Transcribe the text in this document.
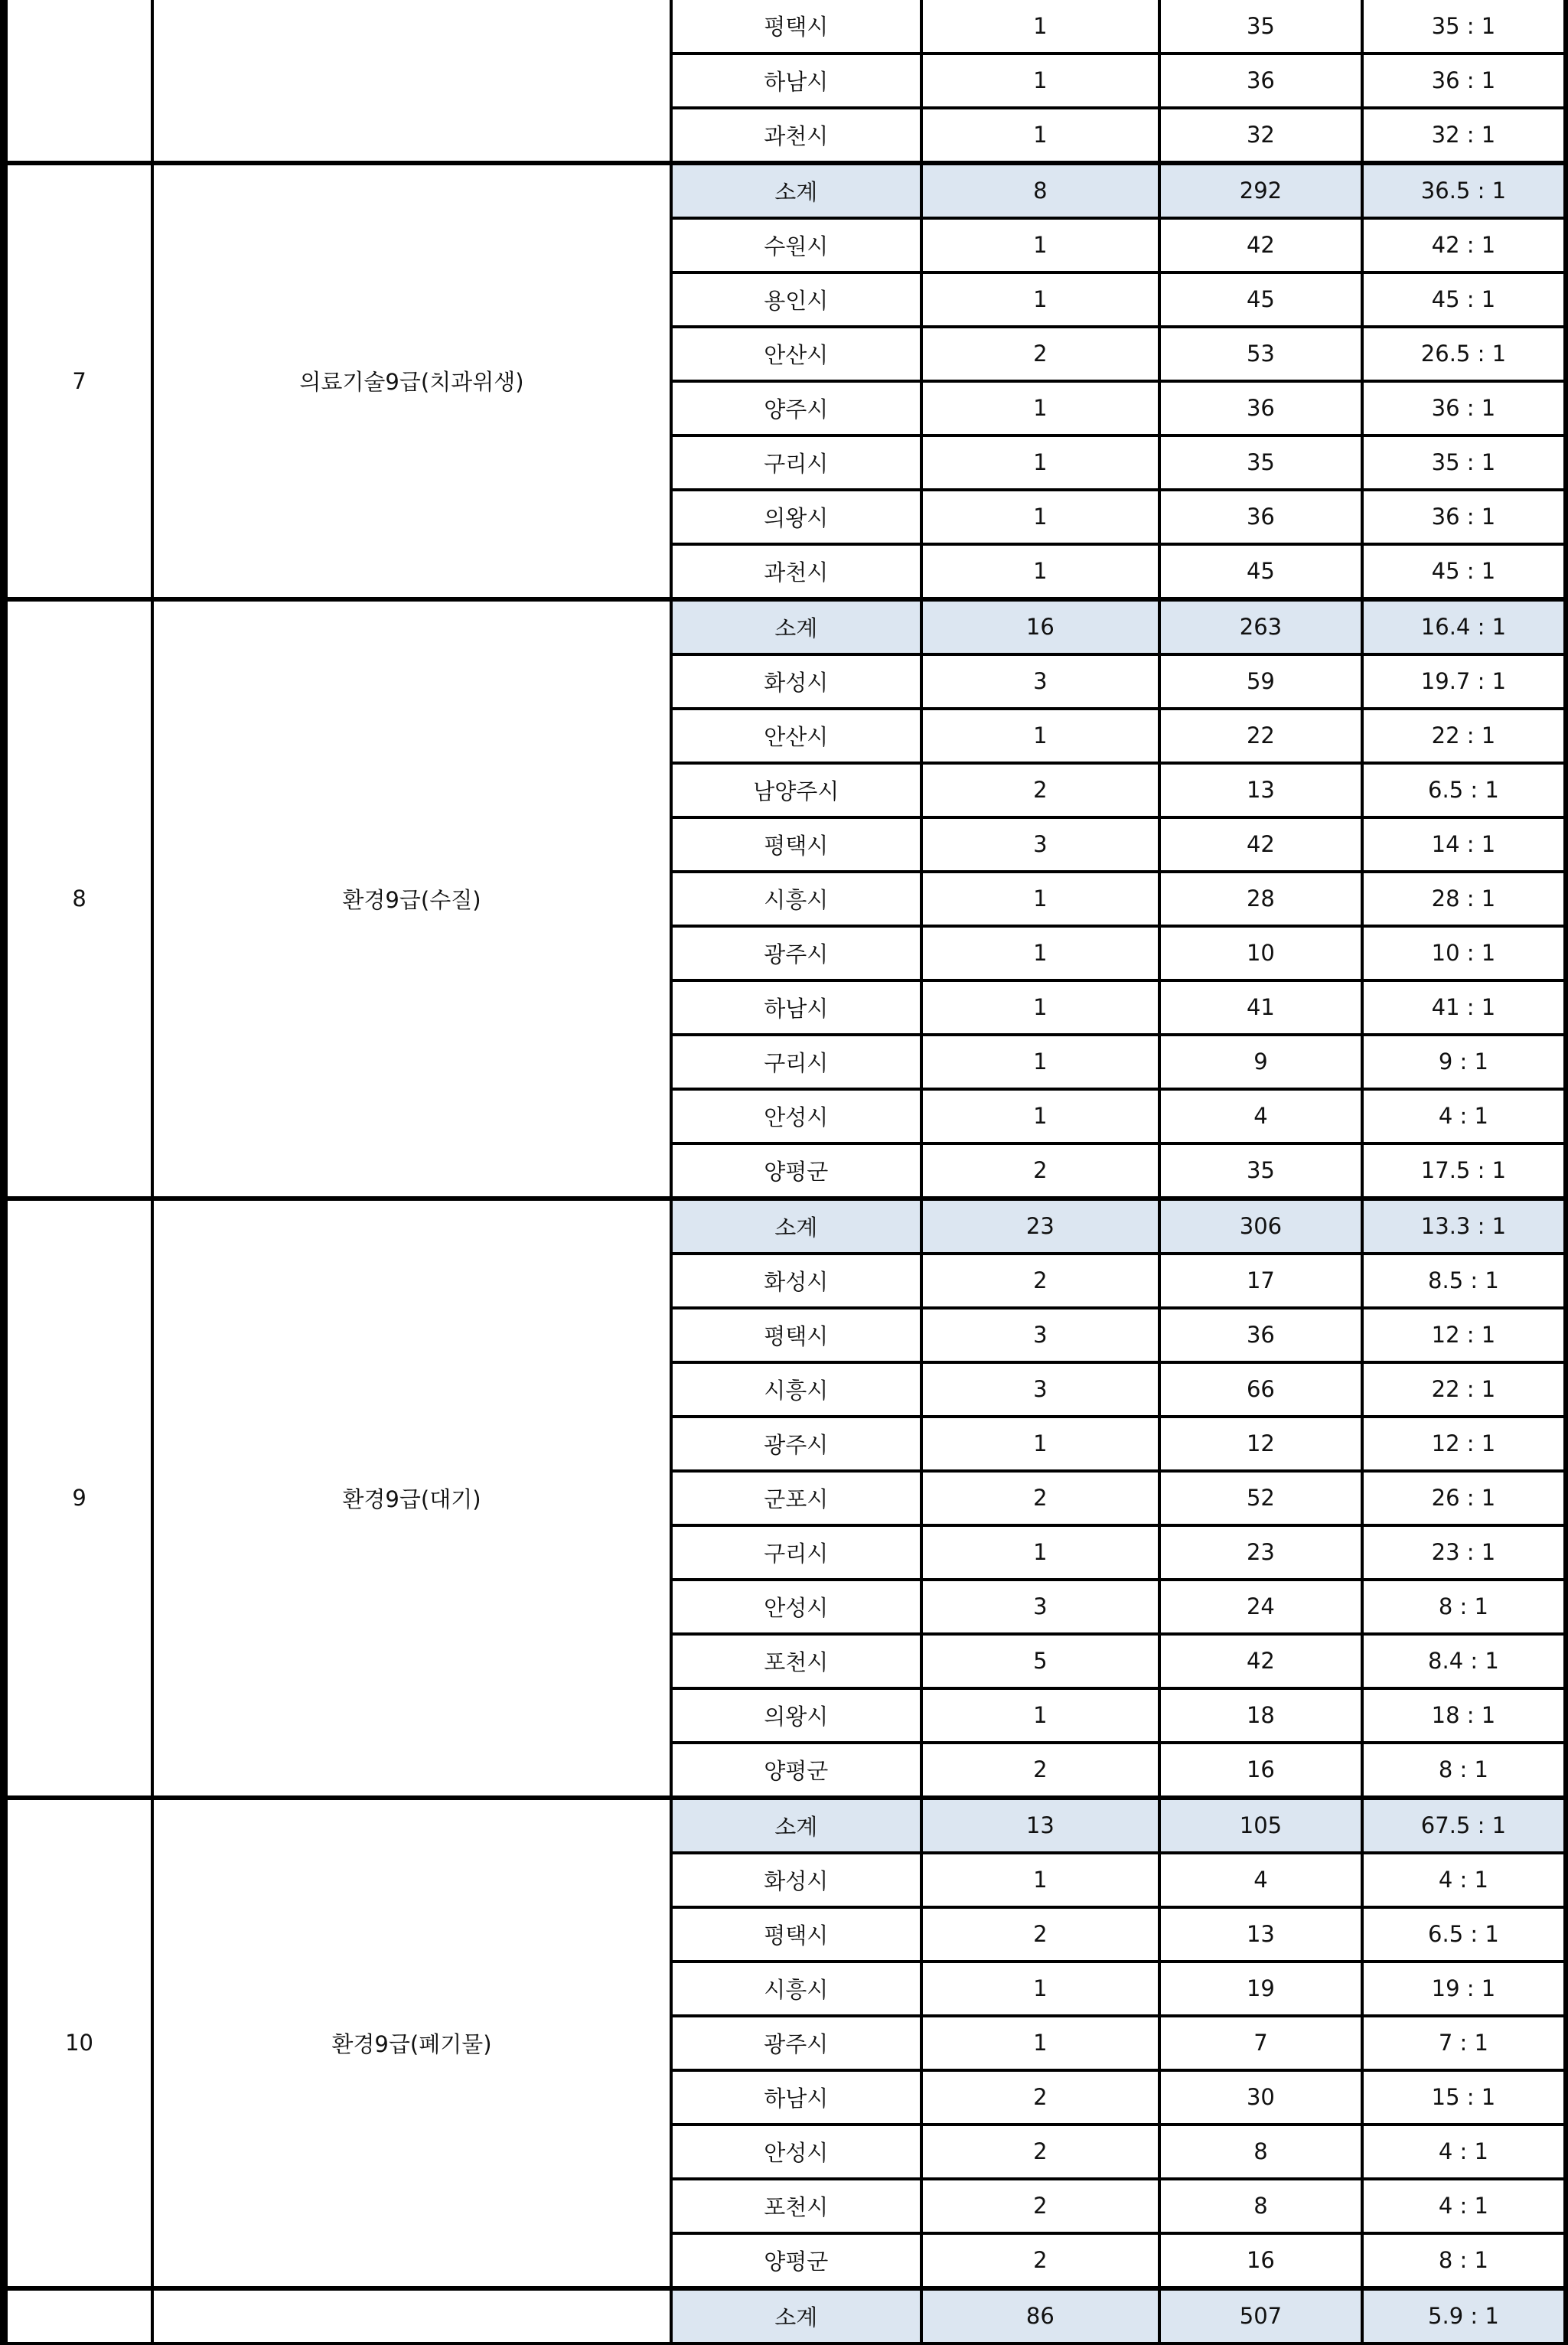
		평택시	1	35	35 : 1
		하남시	1	36	36 : 1
		과천시	1	32	32 : 1
7	의료기술9급(치과위생)	소계	8	292	36.5 : 1
		수원시	1	42	42 : 1
		용인시	1	45	45 : 1
		안산시	2	53	26.5 : 1
		양주시	1	36	36 : 1
		구리시	1	35	35 : 1
		의왕시	1	36	36 : 1
		과천시	1	45	45 : 1
8	환경9급(수질)	소계	16	263	16.4 : 1
		화성시	3	59	19.7 : 1
		안산시	1	22	22 : 1
		남양주시	2	13	6.5 : 1
		평택시	3	42	14 : 1
		시흥시	1	28	28 : 1
		광주시	1	10	10 : 1
		하남시	1	41	41 : 1
		구리시	1	9	9 : 1
		안성시	1	4	4 : 1
		양평군	2	35	17.5 : 1
9	환경9급(대기)	소계	23	306	13.3 : 1
		화성시	2	17	8.5 : 1
		평택시	3	36	12 : 1
		시흥시	3	66	22 : 1
		광주시	1	12	12 : 1
		군포시	2	52	26 : 1
		구리시	1	23	23 : 1
		안성시	3	24	8 : 1
		포천시	5	42	8.4 : 1
		의왕시	1	18	18 : 1
		양평군	2	16	8 : 1
10	환경9급(폐기물)	소계	13	105	67.5 : 1
		화성시	1	4	4 : 1
		평택시	2	13	6.5 : 1
		시흥시	1	19	19 : 1
		광주시	1	7	7 : 1
		하남시	2	30	15 : 1
		안성시	2	8	4 : 1
		포천시	2	8	4 : 1
		양평군	2	16	8 : 1
		소계	86	507	5.9 : 1
